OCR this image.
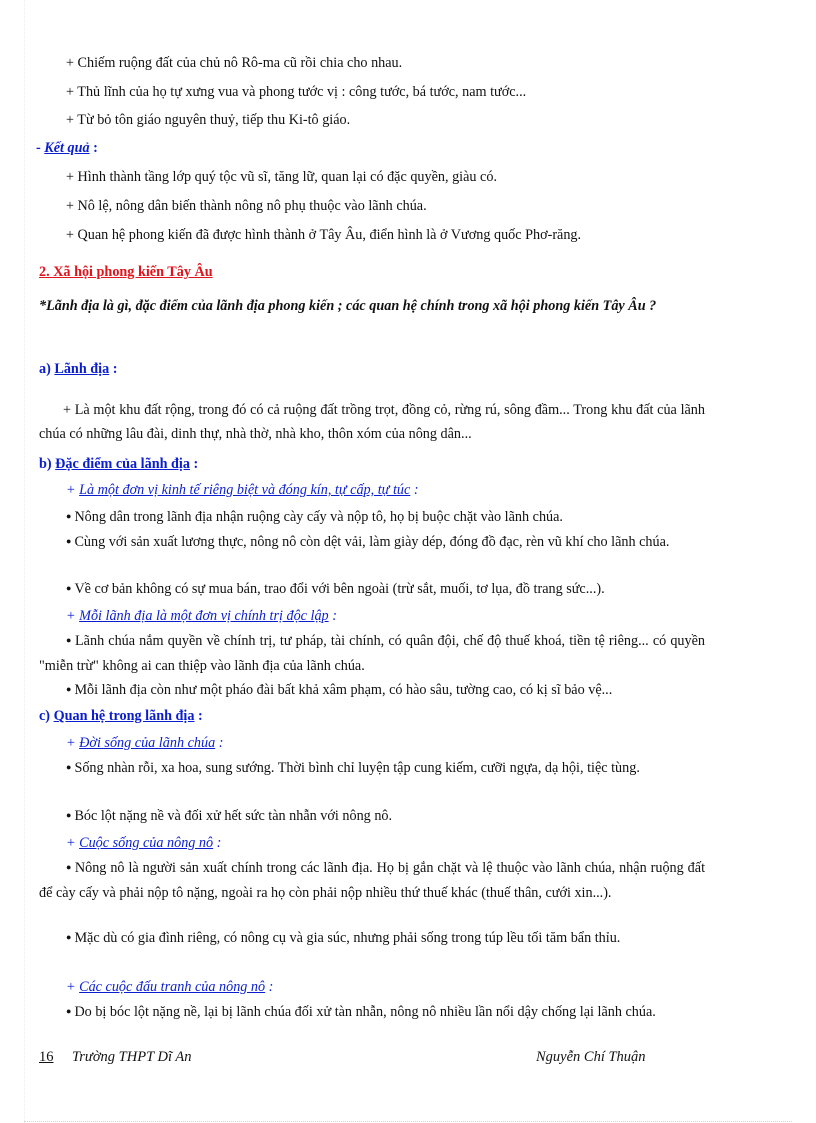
+ Chiếm ruộng đất của chủ nô Rô-ma cũ rồi chia cho nhau.
+ Thủ lĩnh của họ tự xưng vua và phong tước vị : công tước, bá tước, nam tước...
+ Từ bỏ tôn giáo nguyên thuỷ, tiếp thu Ki-tô giáo.
- Kết quả :
+ Hình thành tầng lớp quý tộc vũ sĩ, tăng lữ, quan lại có đặc quyền, giàu có.
+ Nô lệ, nông dân biến thành nông nô phụ thuộc vào lãnh chúa.
+ Quan hệ phong kiến đã được hình thành ở Tây Âu, điển hình là ở Vương quốc Phơ-răng.
2. Xã hội phong kiến Tây Âu
*Lãnh địa là gì, đặc điểm của lãnh địa phong kiến ; các quan hệ chính trong xã hội phong kiến Tây Âu ?
a) Lãnh địa :
+ Là một khu đất rộng, trong đó có cả ruộng đất trồng trọt, đồng cỏ, rừng rú, sông đầm... Trong khu đất của lãnh chúa có những lâu đài, dinh thự, nhà thờ, nhà kho, thôn xóm của nông dân...
b) Đặc điểm của lãnh địa :
+ Là một đơn vị kinh tế riêng biệt và đóng kín, tự cấp, tự túc :
● Nông dân trong lãnh địa nhận ruộng cày cấy và nộp tô, họ bị buộc chặt vào lãnh chúa.
● Cùng với sản xuất lương thực, nông nô còn dệt vải, làm giày dép, đóng đồ đạc, rèn vũ khí cho lãnh chúa.
● Về cơ bản không có sự mua bán, trao đổi với bên ngoài (trừ sắt, muối, tơ lụa, đồ trang sức...).
+ Mỗi lãnh địa là một đơn vị chính trị độc lập :
● Lãnh chúa nắm quyền về chính trị, tư pháp, tài chính, có quân đội, chế độ thuế khoá, tiền tệ riêng... có quyền "miễn trừ" không ai can thiệp vào lãnh địa của lãnh chúa.
● Mỗi lãnh địa còn như một pháo đài bất khả xâm phạm, có hào sâu, tường cao, có kị sĩ bảo vệ...
c) Quan hệ trong lãnh địa :
+ Đời sống của lãnh chúa :
● Sống nhàn rỗi, xa hoa, sung sướng. Thời bình chỉ luyện tập cung kiếm, cưỡi ngựa, dạ hội, tiệc tùng.
● Bóc lột nặng nề và đối xử hết sức tàn nhẫn với nông nô.
+ Cuộc sống của nông nô :
● Nông nô là người sản xuất chính trong các lãnh địa. Họ bị gắn chặt và lệ thuộc vào lãnh chúa, nhận ruộng đất để cày cấy và phải nộp tô nặng, ngoài ra họ còn phải nộp nhiều thứ thuế khác (thuế thân, cưới xin...).
● Mặc dù có gia đình riêng, có nông cụ và gia súc, nhưng phải sống trong túp lều tối tăm bẩn thỉu.
+ Các cuộc đấu tranh của nông nô :
● Do bị bóc lột nặng nề, lại bị lãnh chúa đối xử tàn nhẫn, nông nô nhiều lần nổi dậy chống lại lãnh chúa.
16 Trường THPT Dĩ An	Nguyễn Chí Thuận
